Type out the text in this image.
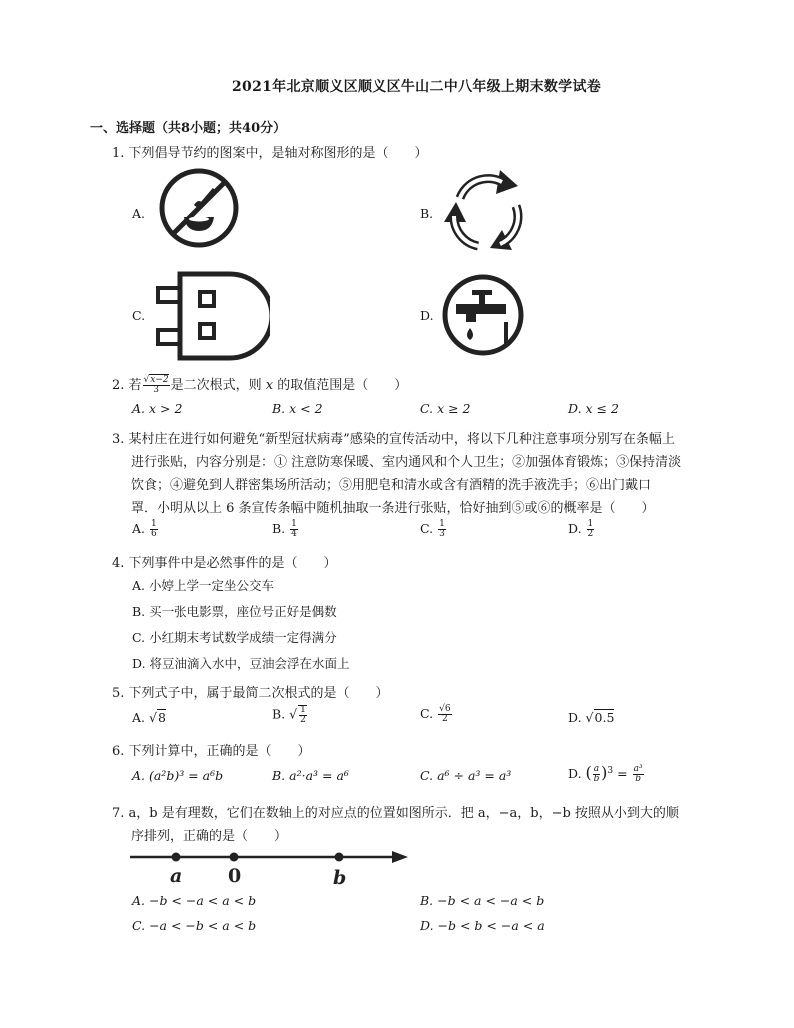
2021年北京顺义区顺义区牛山二中八年级上期末数学试卷
一、选择题（共8小题；共40分）
1. 下列倡导节约的图案中，是轴对称图形的是（　　）
A.	B.
C.	D.
2. 若 $\frac{√x-2}{3}$ 是二次根式，则 x 的取值范围是（　　）
A. x > 2	B. x < 2	C. x ≥ 2	D. x ≤ 2
3. 某村庄在进行如何避免“新型冠状病毒”感染的宣传活动中，将以下几种注意事项分别写在条幅上
进行张贴，内容分别是：① 注意防寒保暖、室内通风和个人卫生；②加强体育锻炼；③保持清淡
饮食；④避免到人群密集场所活动；⑤用肥皂和清水或含有酒精的洗手液洗手；⑥出门戴口
罩．小明从以上 6 条宣传条幅中随机抽取一条进行张贴，恰好抽到⑤或⑥的概率是（　　）
A. $\frac{1}{6}$	B. $\frac{1}{4}$	C. $\frac{1}{3}$	D. $\frac{1}{2}$
4. 下列事件中是必然事件的是（　　）
A. 小婷上学一定坐公交车
B. 买一张电影票，座位号正好是偶数
C. 小红期末考试数学成绩一定得满分
D. 将豆油滴入水中，豆油会浮在水面上
5. 下列式子中，属于最简二次根式的是（　　）
A. √8	B. √ $\frac{1}{2}$	C. $\frac{√6}{2}$	D. √0.5
6. 下列计算中，正确的是（　　）
A. (a²b)³ = a⁶b	B. a²·a³ = a⁶	C. a⁶ ÷ a³ = a³	D. ( $\frac{a}{b} )^3 = \frac{\text{a³}}{b}$
7. a，b 是有理数，它们在数轴上的对应点的位置如图所示．把 a，−a，b，−b 按照从小到大的顺
序排列，正确的是（　　）
a 0	b
A. −b < −a < a < b	B. −b < a < −a < b
C. −a < −b < a < b	D. −b < b < −a < a
